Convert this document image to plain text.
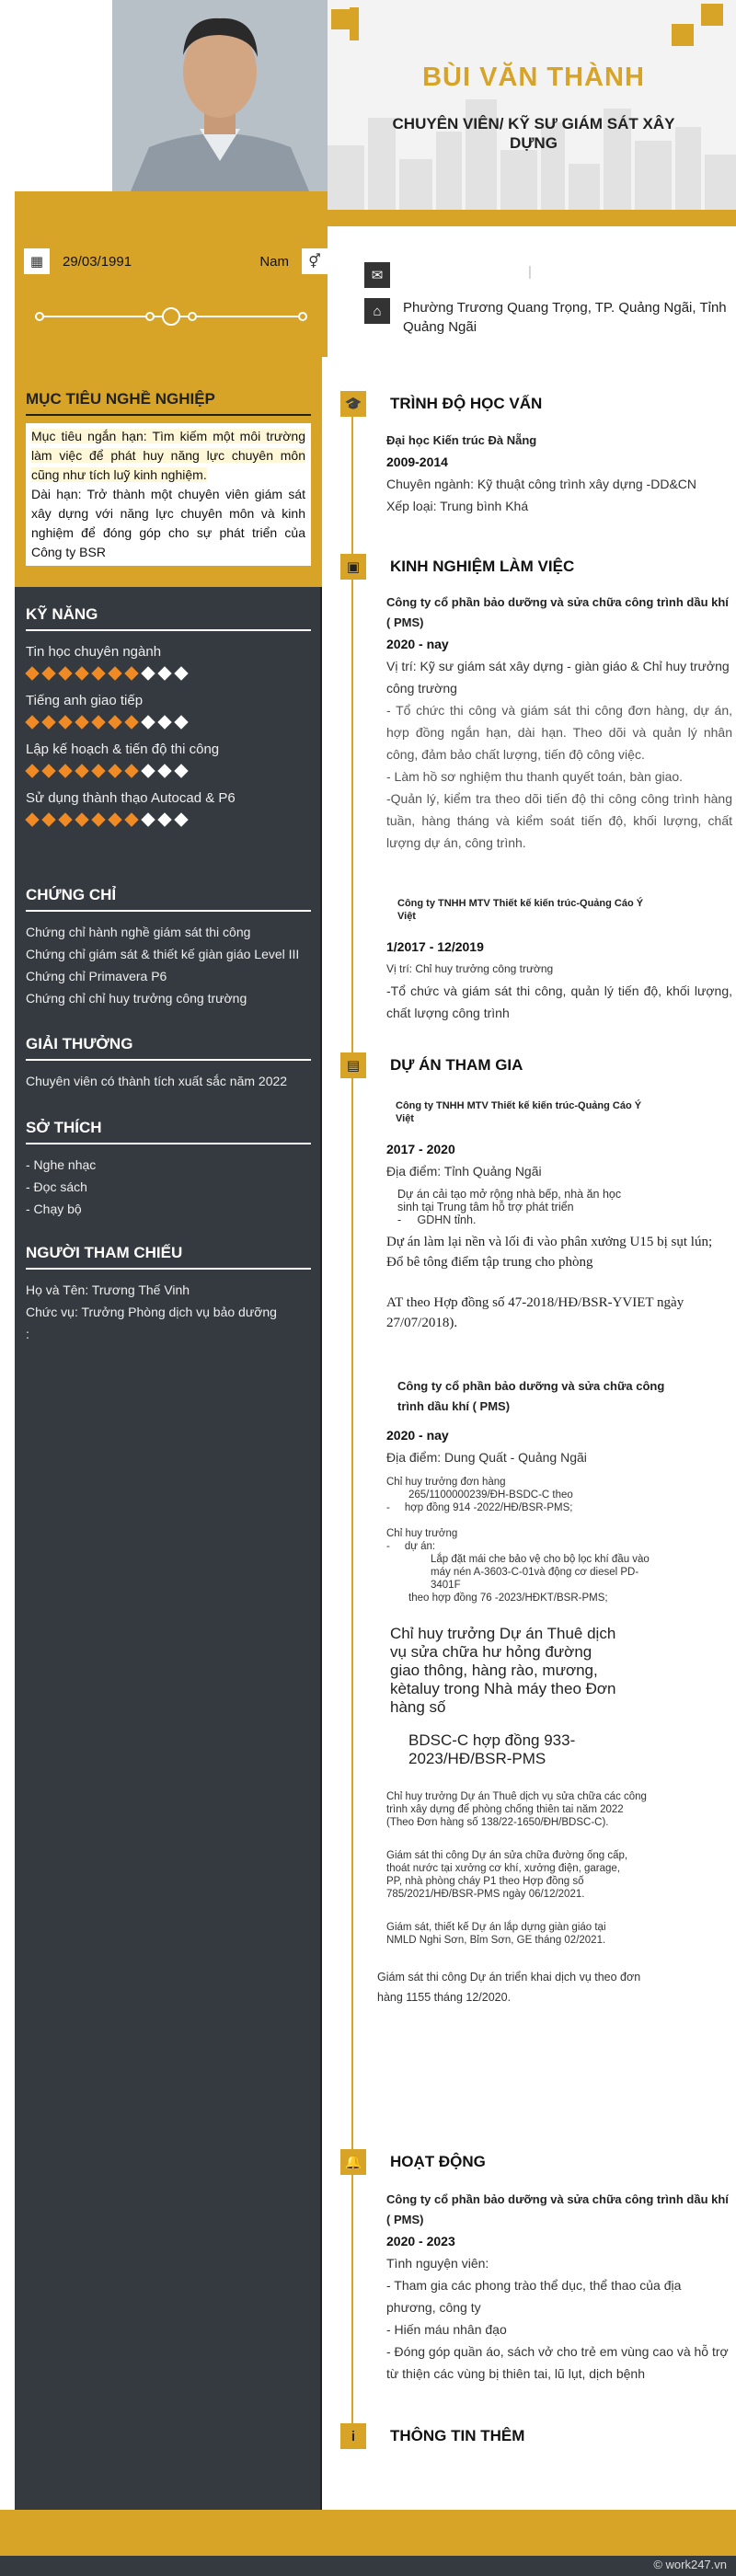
BÙI VĂN THÀNH
CHUYÊN VIÊN/ KỸ SƯ GIÁM SÁT XÂY DỰNG
▦	29/03/1991	Nam	⚥
✉	|
⌂	Phường Trương Quang Trọng, TP. Quảng Ngãi, Tỉnh Quảng Ngãi
MỤC TIÊU NGHỀ NGHIỆP
Mục tiêu ngắn hạn: Tìm kiếm một môi trường làm việc để phát huy năng lực chuyên môn cũng như tích luỹ kinh nghiệm.
Dài hạn: Trở thành một chuyên viên giám sát xây dựng với năng lực chuyên môn và kinh nghiệm để đóng góp cho sự phát triển của Công ty BSR
KỸ NĂNG
Tin học chuyên ngành
Tiếng anh giao tiếp
Lập kế hoạch & tiến độ thi công
Sử dụng thành thạo Autocad & P6
CHỨNG CHỈ
Chứng chỉ hành nghề giám sát thi công
Chứng chỉ giám sát & thiết kế giàn giáo Level III
Chứng chỉ Primavera P6
Chứng chỉ chỉ huy trưởng công trường
GIẢI THƯỞNG
Chuyên viên có thành tích xuất sắc năm 2022
SỞ THÍCH
- Nghe nhạc
- Đọc sách
- Chạy bộ
NGƯỜI THAM CHIẾU
Họ và Tên: Trương Thế Vinh
Chức vụ: Trưởng Phòng dịch vụ bảo dưỡng
:
🎓 TRÌNH ĐỘ HỌC VẤN
Đại học Kiến trúc Đà Nẵng
2009-2014
Chuyên ngành: Kỹ thuật công trình xây dựng -DD&CN
Xếp loại: Trung bình Khá
▣	KINH NGHIỆM LÀM VIỆC
Công ty cổ phần bảo dưỡng và sửa chữa công trình dầu khí ( PMS)
2020 - nay
Vị trí: Kỹ sư giám sát xây dựng - giàn giáo & Chỉ huy trưởng công trường
- Tổ chức thi công và giám sát thi công đơn hàng, dự án, hợp đồng ngắn hạn, dài hạn. Theo dõi và quản lý nhân công, đảm bảo chất lượng, tiến độ công việc.
- Làm hồ sơ nghiệm thu thanh quyết toán, bàn giao.
-Quản lý, kiểm tra theo dõi tiến độ thi công công trình hàng tuần, hàng tháng và kiểm soát tiến độ, khối lượng, chất lượng dự án, công trình.
Công ty TNHH MTV Thiết kế kiến trúc-Quảng Cáo Ý Việt
1/2017 - 12/2019
Vị trí: Chỉ huy trưởng công trường
-Tổ chức và giám sát thi công, quản lý tiến độ, khối lượng, chất lượng công trình
▤	DỰ ÁN THAM GIA
Công ty TNHH MTV Thiết kế kiến trúc-Quảng Cáo Ý Việt
2017 - 2020
Địa điểm: Tỉnh Quảng Ngãi
Dự án cải tạo mở rộng nhà bếp, nhà ăn học sinh tại Trung tâm hỗ trợ phát triển
-     GDHN tỉnh.
Dự án làm lại nền và lối đi vào phân xưởng U15 bị sụt lún; Đổ bê tông điểm tập trung cho phòng
AT theo Hợp đồng số 47-2018/HĐ/BSR-YVIET ngày 27/07/2018).
Công ty cổ phần bảo dưỡng và sửa chữa công trình dầu khí ( PMS)
2020 - nay
Địa điểm: Dung Quất - Quảng Ngãi
Chỉ huy trưởng đơn hàng
265/1100000239/ĐH-BSDC-C theo
-     hợp đồng 914 -2022/HĐ/BSR-PMS;
Chỉ huy trưởng
-     dự án:
Lắp đặt mái che bảo vệ cho bộ lọc khí đầu vào máy nén A-3603-C-01và động cơ diesel PD-3401F
theo hợp đồng 76 -2023/HĐKT/BSR-PMS;
Chỉ huy trưởng Dự án Thuê dịch vụ sửa chữa hư hỏng đường giao thông, hàng rào, mương, kètaluy trong Nhà máy theo Đơn hàng số
BDSC-C hợp đồng 933-2023/HĐ/BSR-PMS
Chỉ huy trưởng Dự án Thuê dịch vụ sửa chữa các công trình xây dựng để phòng chống thiên tai năm 2022 (Theo Đơn hàng số 138/22-1650/ĐH/BDSC-C).
Giám sát thi công Dự án sửa chữa đường ống cấp, thoát nước tại xưởng cơ khí, xưởng điện, garage, PP, nhà phòng cháy P1 theo Hợp đồng số 785/2021/HĐ/BSR-PMS ngày 06/12/2021.
Giám sát, thiết kế Dự án lắp dựng giàn giáo tại NMLD Nghi Sơn, Bỉm Sơn, GE tháng 02/2021.
Giám sát thi công Dự án triển khai dịch vụ theo đơn hàng 1155 tháng 12/2020.
🔔 HOẠT ĐỘNG
Công ty cổ phần bảo dưỡng và sửa chữa công trình dầu khí ( PMS)
2020 - 2023
Tình nguyện viên:
- Tham gia các phong trào thể dục, thể thao của địa phương, công ty
- Hiến máu nhân đạo
- Đóng góp quần áo, sách vở cho trẻ em vùng cao và hỗ trợ từ thiện các vùng bị thiên tai, lũ lụt, dịch bệnh
i	THÔNG TIN THÊM
© work247.vn
